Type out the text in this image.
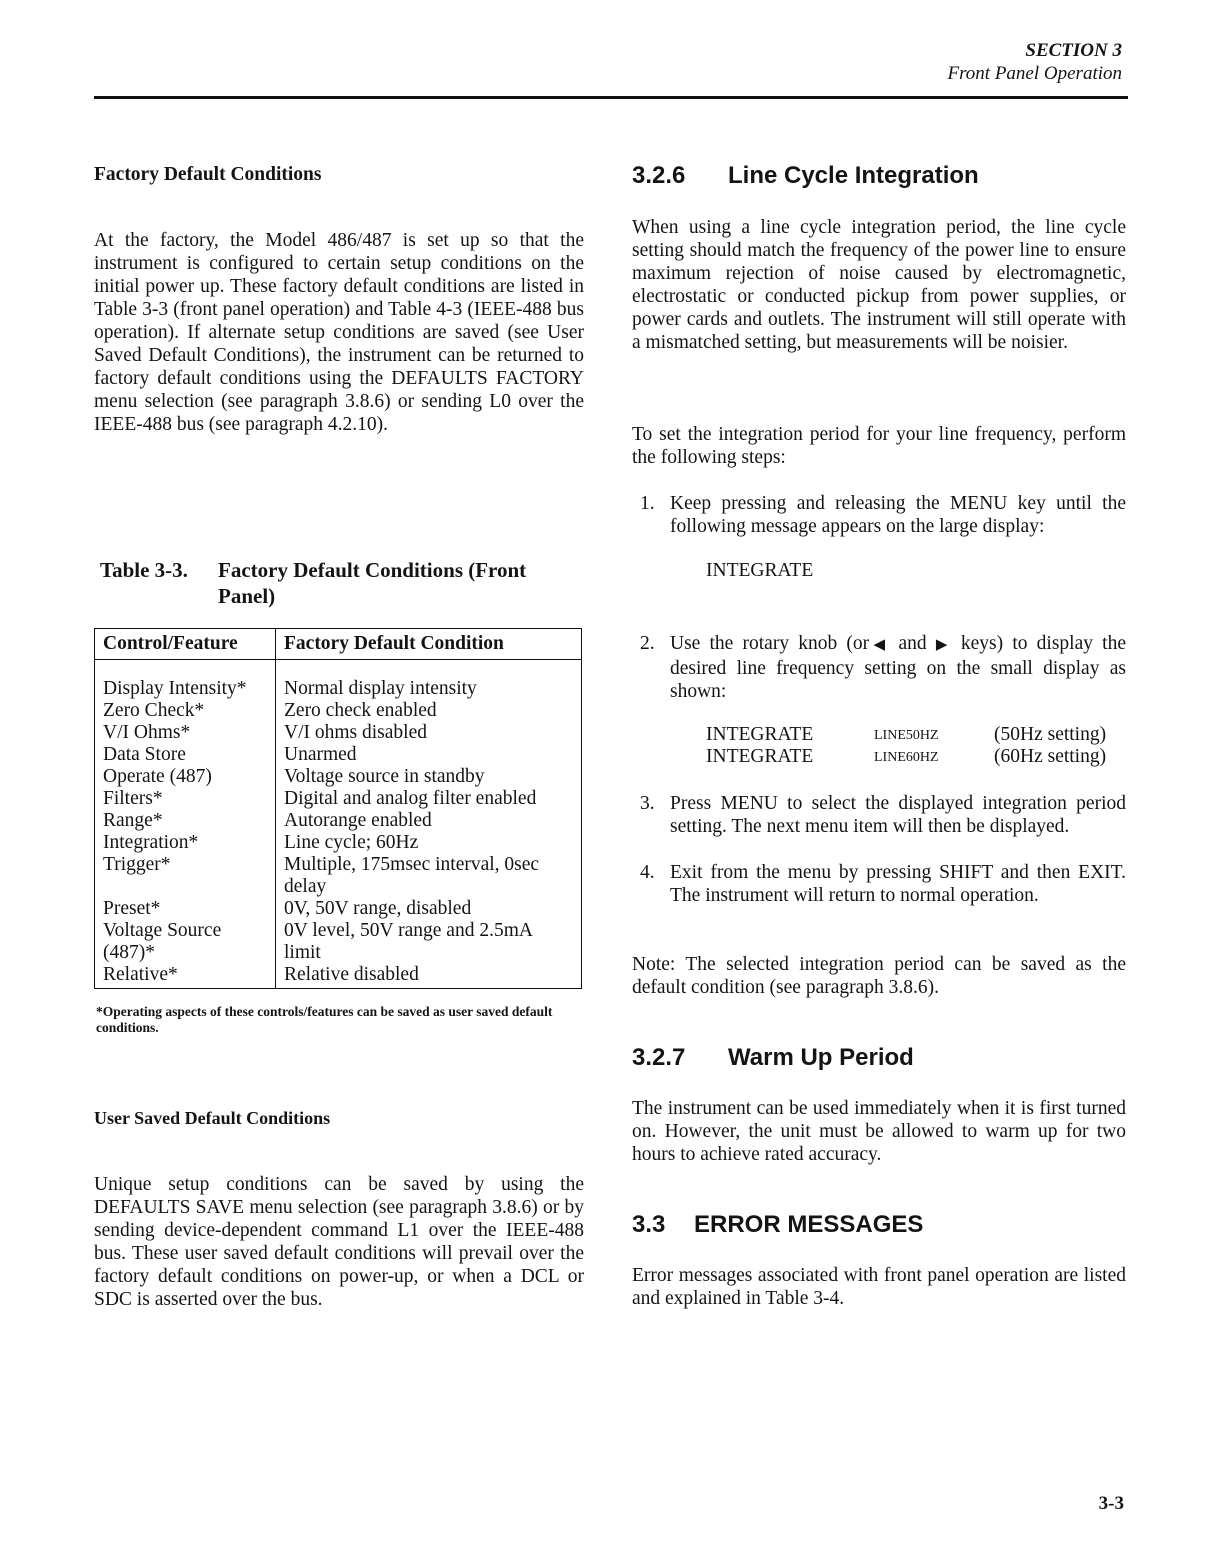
SECTION 3
Front Panel Operation
Factory Default Conditions
At the factory, the Model 486/487 is set up so that the instrument is configured to certain setup conditions on the initial power up. These factory default conditions are listed in Table 3-3 (front panel operation) and Table 4-3 (IEEE-488 bus operation). If alternate setup conditions are saved (see User Saved Default Conditions), the instrument can be returned to factory default conditions using the DEFAULTS FACTORY menu selection (see paragraph 3.8.6) or sending L0 over the IEEE-488 bus (see paragraph 4.2.10).
Table 3-3. Factory Default Conditions (Front Panel)
Control/Feature	Factory Default Condition

Display Intensity*	Normal display intensity
Zero Check*	Zero check enabled
V/I Ohms*	V/I ohms disabled
Data Store	Unarmed
Operate (487)	Voltage source in standby
Filters*	Digital and analog filter enabled
Range*	Autorange enabled
Integration*	Line cycle; 60Hz
Trigger*	Multiple, 175msec interval, 0sec delay
Preset*	0V, 50V range, disabled
Voltage Source (487)*	0V level, 50V range and 2.5mA limit
Relative*	Relative disabled
*Operating aspects of these controls/features can be saved as user saved default conditions.
User Saved Default Conditions
Unique setup conditions can be saved by using the DEFAULTS SAVE menu selection (see paragraph 3.8.6) or by sending device-dependent command L1 over the IEEE-488 bus. These user saved default conditions will prevail over the factory default conditions on power-up, or when a DCL or SDC is asserted over the bus.
3.2.6 Line Cycle Integration
When using a line cycle integration period, the line cycle setting should match the frequency of the power line to ensure maximum rejection of noise caused by electromagnetic, electrostatic or conducted pickup from power supplies, or power cards and outlets. The instrument will still operate with a mismatched setting, but measurements will be noisier.
To set the integration period for your line frequency, perform the following steps:
1. Keep pressing and releasing the MENU key until the following message appears on the large display:
INTEGRATE
2. Use the rotary knob (or◀ and ▶ keys) to display the desired line frequency setting on the small display as shown:
INTEGRATE	LINE50HZ	(50Hz setting)
INTEGRATE	LINE60HZ	(60Hz setting)
3. Press MENU to select the displayed integration period setting. The next menu item will then be displayed.
4. Exit from the menu by pressing SHIFT and then EXIT. The instrument will return to normal operation.
Note: The selected integration period can be saved as the default condition (see paragraph 3.8.6).
3.2.7 Warm Up Period
The instrument can be used immediately when it is first turned on. However, the unit must be allowed to warm up for two hours to achieve rated accuracy.
3.3 ERROR MESSAGES
Error messages associated with front panel operation are listed and explained in Table 3-4.
3-3
